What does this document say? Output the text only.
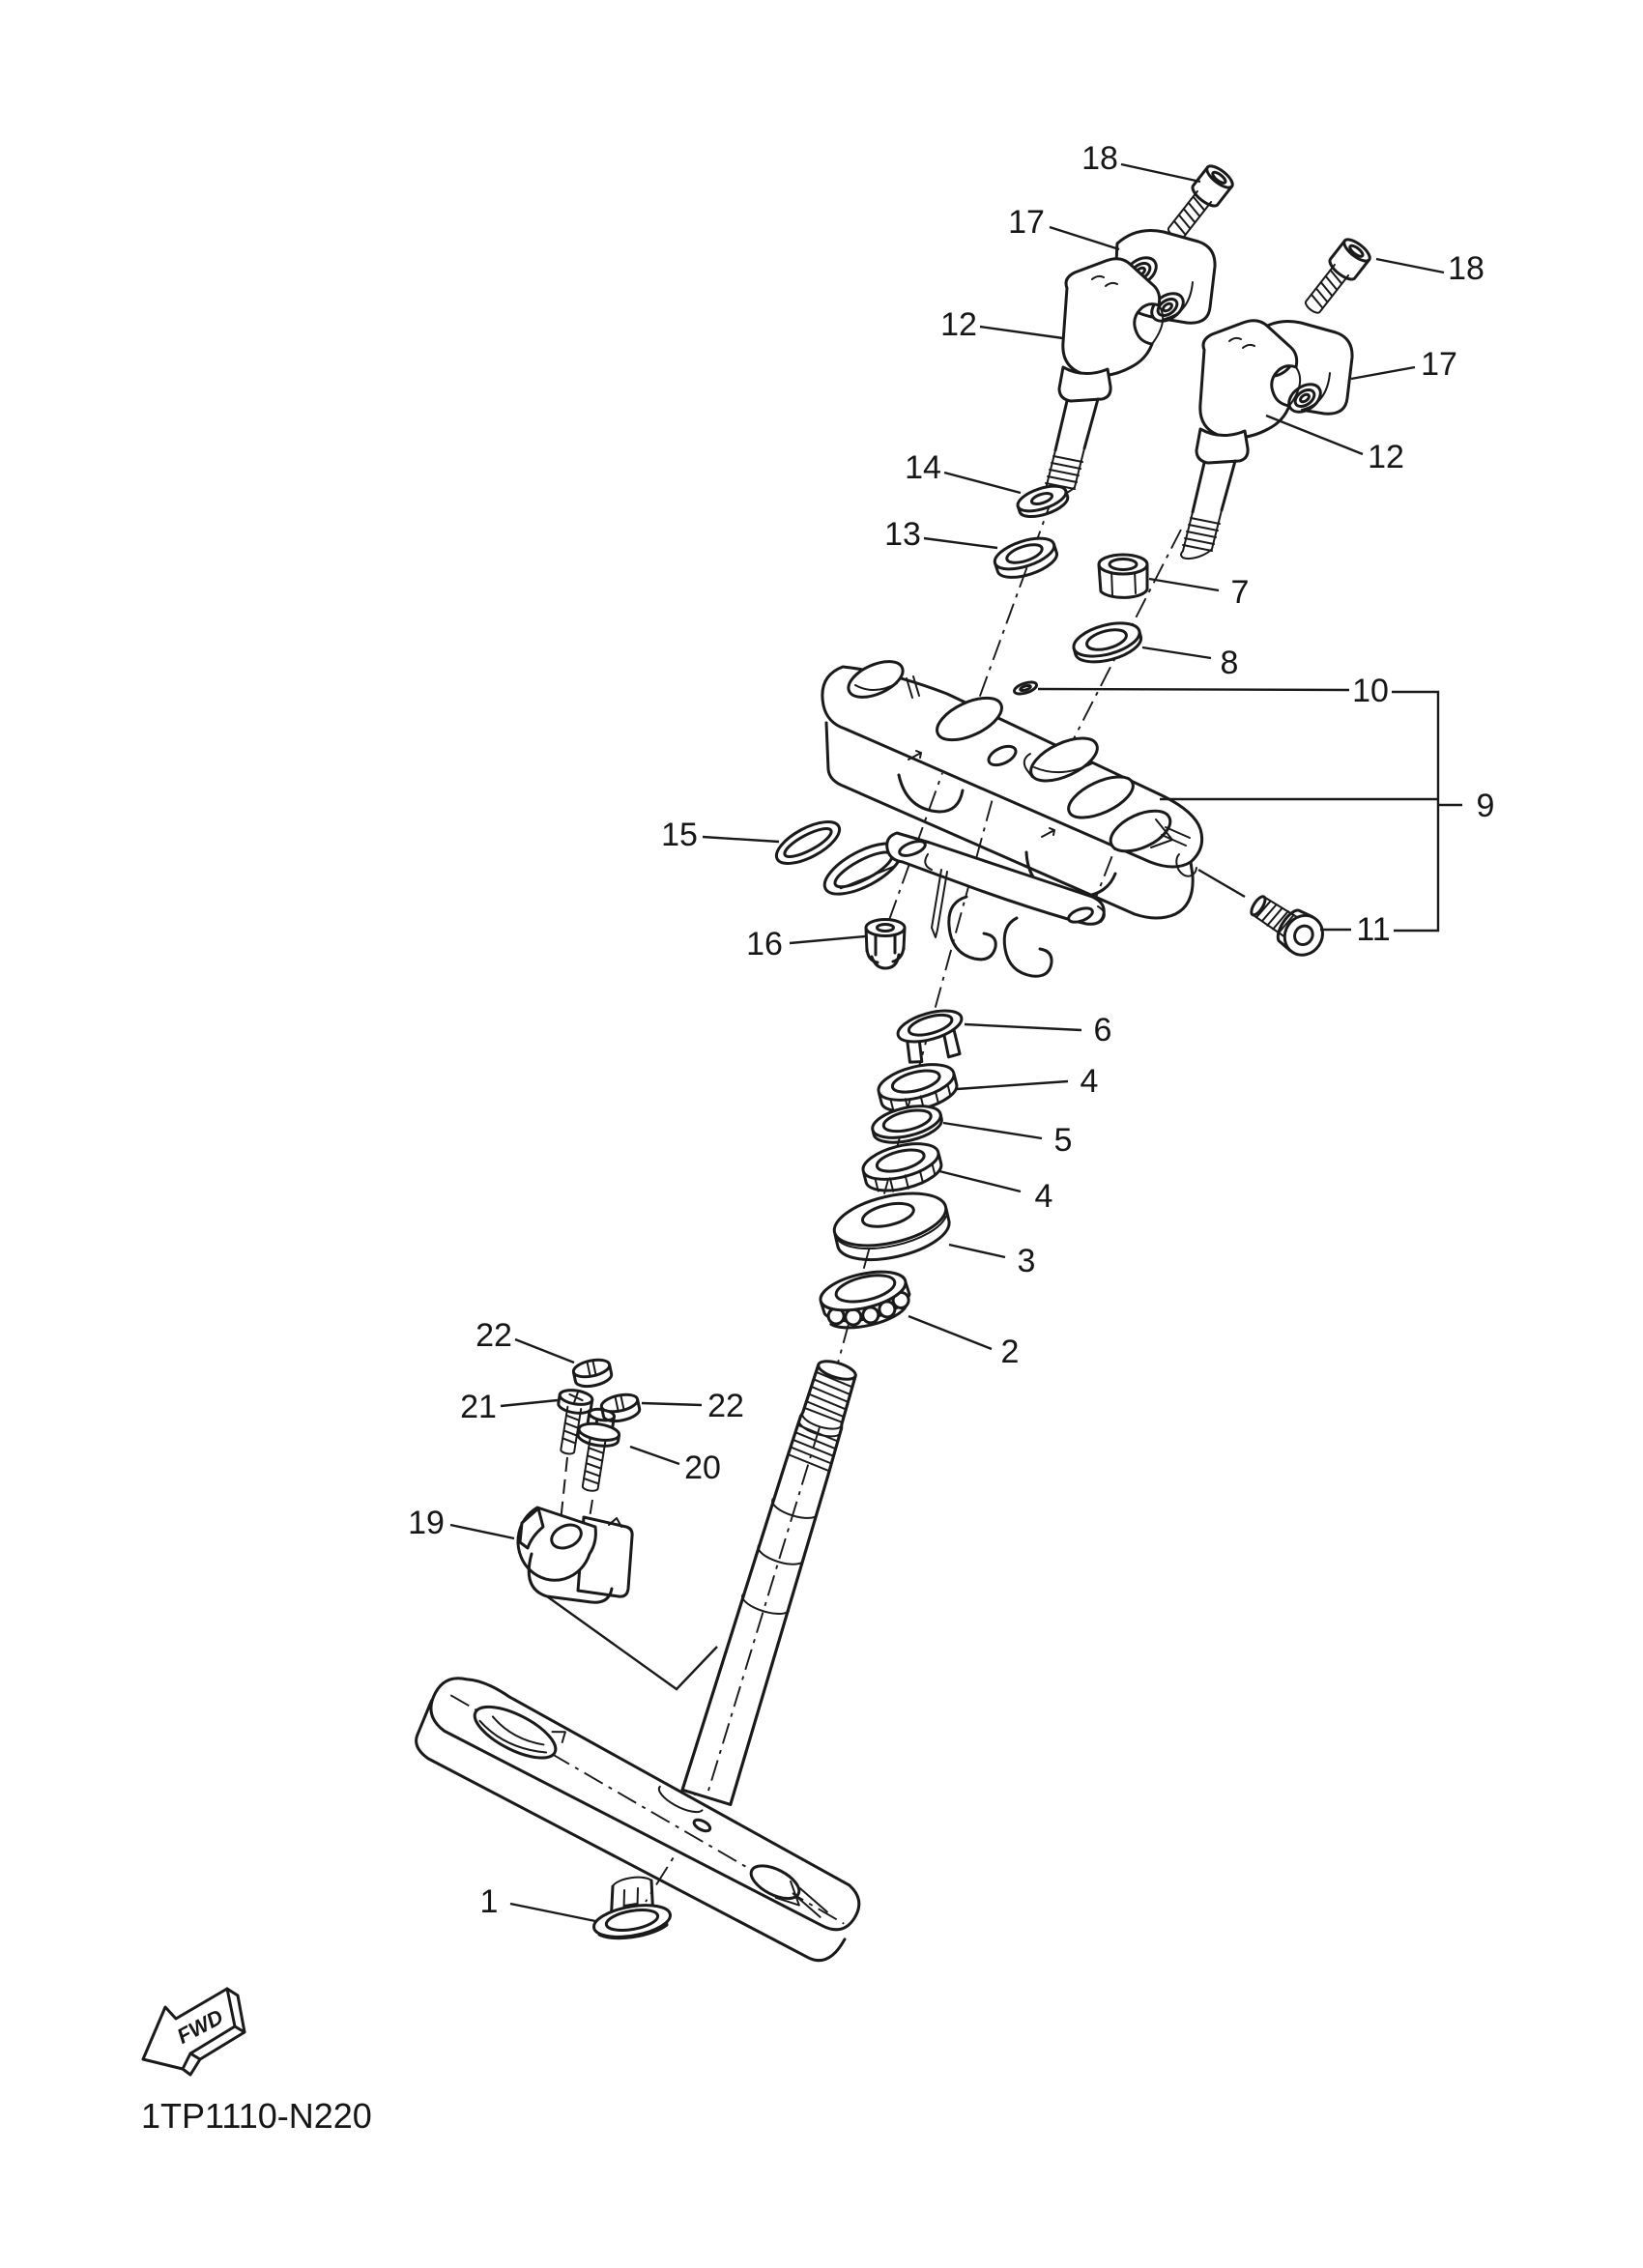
18
17
12
18
17
12
14
13
7
8
10
9
11
15
16
6
4
5
4
3
2
22
21	22
20
19
1
FWD
1TP1110-N220
